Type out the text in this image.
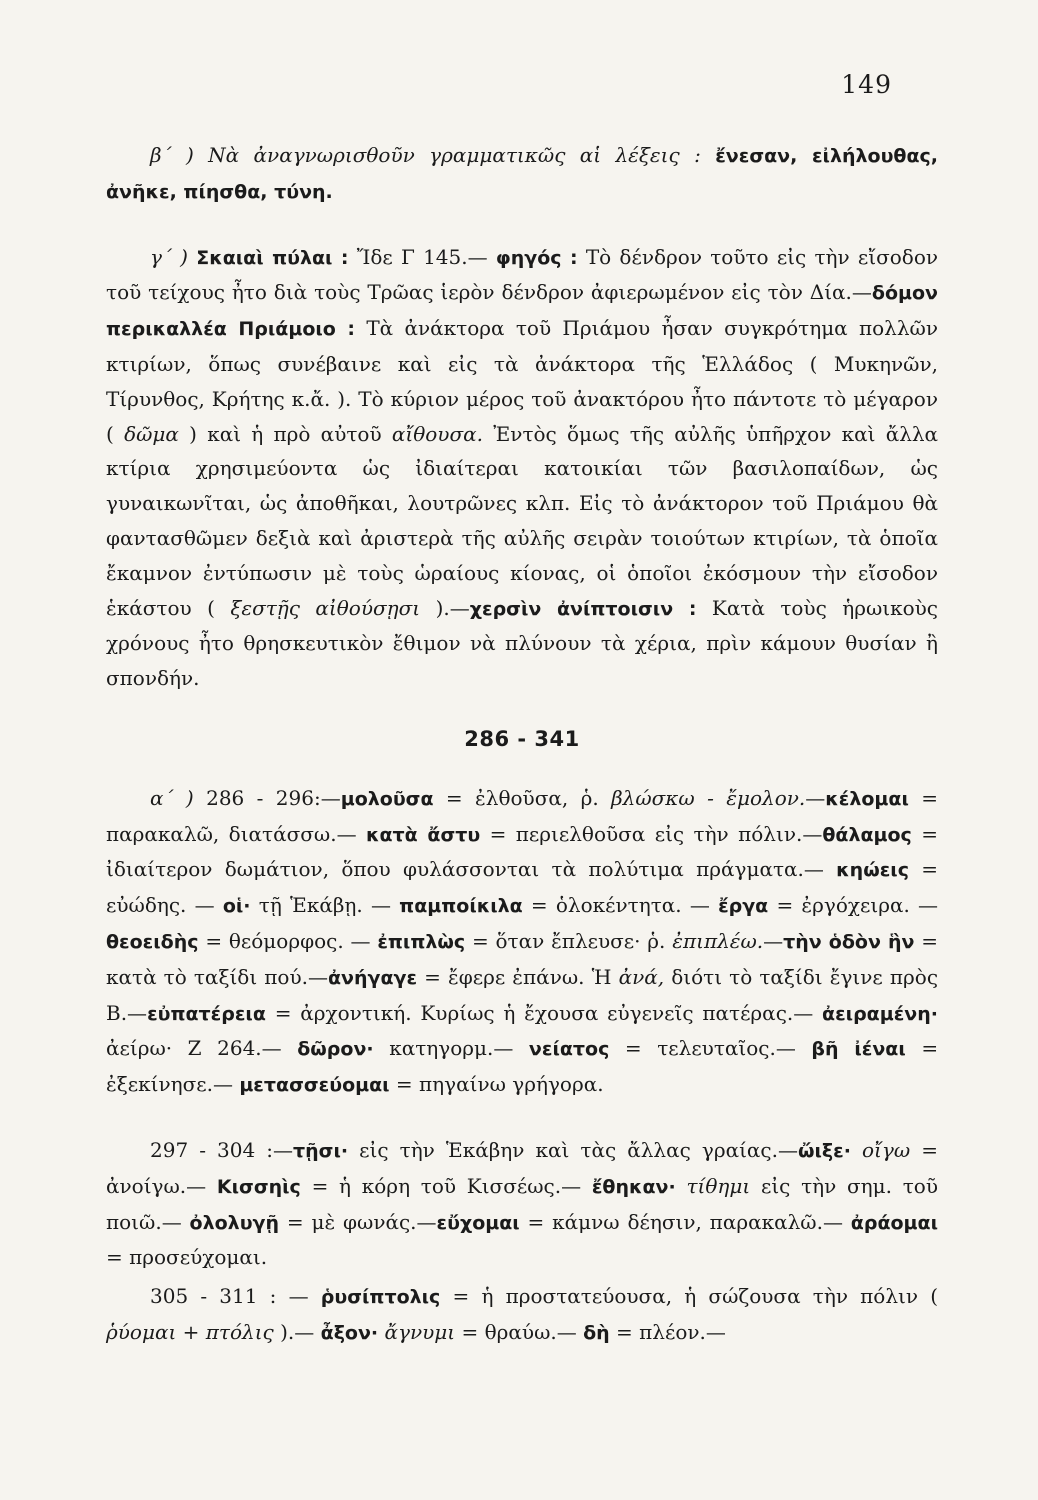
149

β΄ ) Νὰ ἀναγνωρισθοῦν γραμματικῶς αἱ λέξεις : ἔνεσαν, εἰλήλουθας, ἀνῆκε, πίησθα, τύνη.

γ΄ ) Σκαιαὶ πύλαι : Ἴδε Γ 145.— φηγός : Τὸ δένδρον τοῦτο εἰς τὴν εἴσοδον τοῦ τείχους ἦτο διὰ τοὺς Τρῶας ἱερὸν δένδρον ἀφιερωμένον εἰς τὸν Δία.—δόμον περικαλλέα Πριάμοιο : Τὰ ἀνάκτορα τοῦ Πριάμου ἦσαν συγκρότημα πολλῶν κτιρίων, ὅπως συνέβαινε καὶ εἰς τὰ ἀνάκτορα τῆς Ἑλλάδος ( Μυκηνῶν, Τίρυνθος, Κρήτης κ.ἄ. ). Τὸ κύριον μέρος τοῦ ἀνακτόρου ἦτο πάντοτε τὸ μέγαρον ( δῶμα ) καὶ ἡ πρὸ αὐτοῦ αἴθουσα. Ἐντὸς ὅμως τῆς αὐλῆς ὑπῆρχον καὶ ἄλλα κτίρια χρησιμεύοντα ὡς ἰδιαίτεραι κατοικίαι τῶν βασιλοπαίδων, ὡς γυναικωνῖται, ὡς ἀποθῆκαι, λουτρῶνες κλπ. Εἰς τὸ ἀνάκτορον τοῦ Πριάμου θὰ φαντασθῶμεν δεξιὰ καὶ ἀριστερὰ τῆς αὐλῆς σειρὰν τοιούτων κτιρίων, τὰ ὁποῖα ἔκαμνον ἐντύπωσιν μὲ τοὺς ὡραίους κίονας, οἱ ὁποῖοι ἐκόσμουν τὴν εἴσοδον ἑκάστου ( ξεστῇς αἰθούσῃσι ).—χερσὶν ἀνίπτοισιν : Κατὰ τοὺς ἡρωικοὺς χρόνους ἦτο θρησκευτικὸν ἔθιμον νὰ πλύνουν τὰ χέρια, πρὶν κάμουν θυσίαν ἢ σπονδήν.

286 - 341

α΄ ) 286 - 296:—μολοῦσα = ἐλθοῦσα, ῥ. βλώσκω - ἔμολον.—κέλομαι = παρακαλῶ, διατάσσω.— κατὰ ἄστυ = περιελθοῦσα εἰς τὴν πόλιν.—θάλαμος = ἰδιαίτερον δωμάτιον, ὅπου φυλάσσονται τὰ πολύτιμα πράγματα.— κηώεις = εὐώδης. — οἱ· τῇ Ἑκάβῃ. — παμποίκιλα = ὁλοκέντητα. — ἔργα = ἐργόχειρα. — θεοειδὴς = θεόμορφος. — ἐπιπλὼς = ὅταν ἔπλευσε· ῥ. ἐπιπλέω.—τὴν ὁδὸν ἣν = κατὰ τὸ ταξίδι πού.—ἀνήγαγε = ἔφερε ἐπάνω. Ἡ ἀνά, διότι τὸ ταξίδι ἔγινε πρὸς Β.—εὐπατέρεια = ἀρχοντική. Κυρίως ἡ ἔχουσα εὐγενεῖς πατέρας.— ἀειραμένη· ἀείρω· Ζ 264.— δῶρον· κατηγορμ.— νείατος = τελευταῖος.— βῆ ἰέναι = ἐξεκίνησε.— μετασσεύομαι = πηγαίνω γρήγορα.

297 - 304 :—τῇσι· εἰς τὴν Ἑκάβην καὶ τὰς ἄλλας γραίας.—ὤιξε· οἴγω = ἀνοίγω.— Κισσηὶς = ἡ κόρη τοῦ Κισσέως.— ἔθηκαν· τίθημι εἰς τὴν σημ. τοῦ ποιῶ.— ὀλολυγῇ = μὲ φωνάς.—εὔχομαι = κάμνω δέησιν, παρακαλῶ.— ἀράομαι = προσεύχομαι.

305 - 311 : — ῥυσίπτολις = ἡ προστατεύουσα, ἡ σώζουσα τὴν πόλιν ( ῥύομαι + πτόλις ).— ἆξον· ἄγνυμι = θραύω.— δὴ = πλέον.—
